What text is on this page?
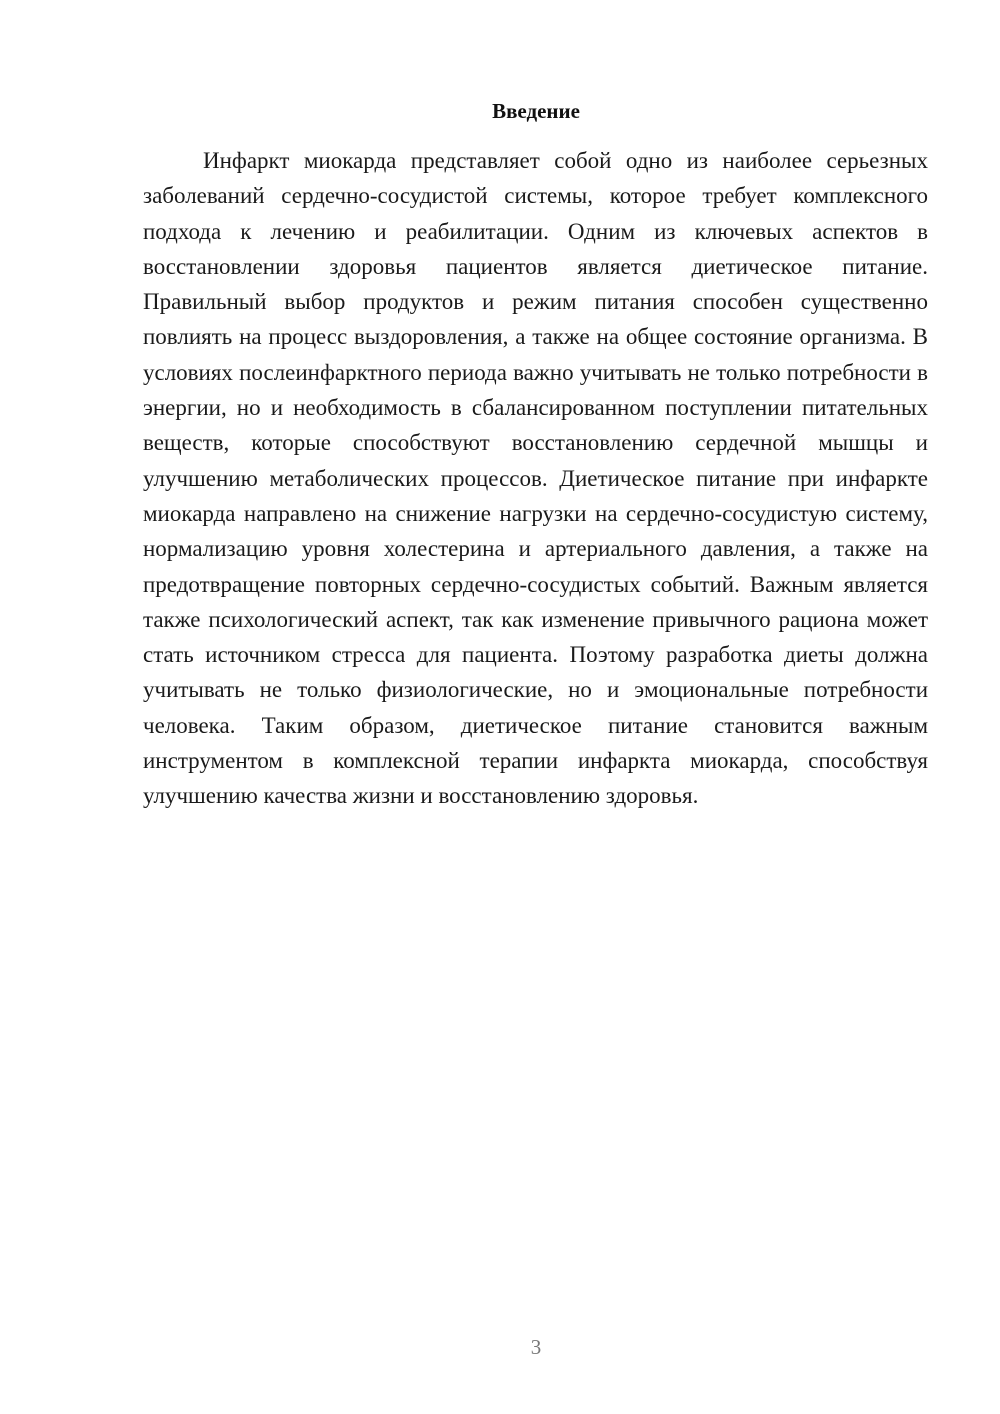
Введение

Инфаркт миокарда представляет собой одно из наиболее серьезных заболеваний сердечно-сосудистой системы, которое требует комплексного подхода к лечению и реабилитации. Одним из ключевых аспектов в восстановлении здоровья пациентов является диетическое питание. Правильный выбор продуктов и режим питания способен существенно повлиять на процесс выздоровления, а также на общее состояние организма. В условиях послеинфарктного периода важно учитывать не только потребности в энергии, но и необходимость в сбалансированном поступлении питательных веществ, которые способствуют восстановлению сердечной мышцы и улучшению метаболических процессов. Диетическое питание при инфаркте миокарда направлено на снижение нагрузки на сердечно-сосудистую систему, нормализацию уровня холестерина и артериального давления, а также на предотвращение повторных сердечно-сосудистых событий. Важным является также психологический аспект, так как изменение привычного рациона может стать источником стресса для пациента. Поэтому разработка диеты должна учитывать не только физиологические, но и эмоциональные потребности человека. Таким образом, диетическое питание становится важным инструментом в комплексной терапии инфаркта миокарда, способствуя улучшению качества жизни и восстановлению здоровья.

3
